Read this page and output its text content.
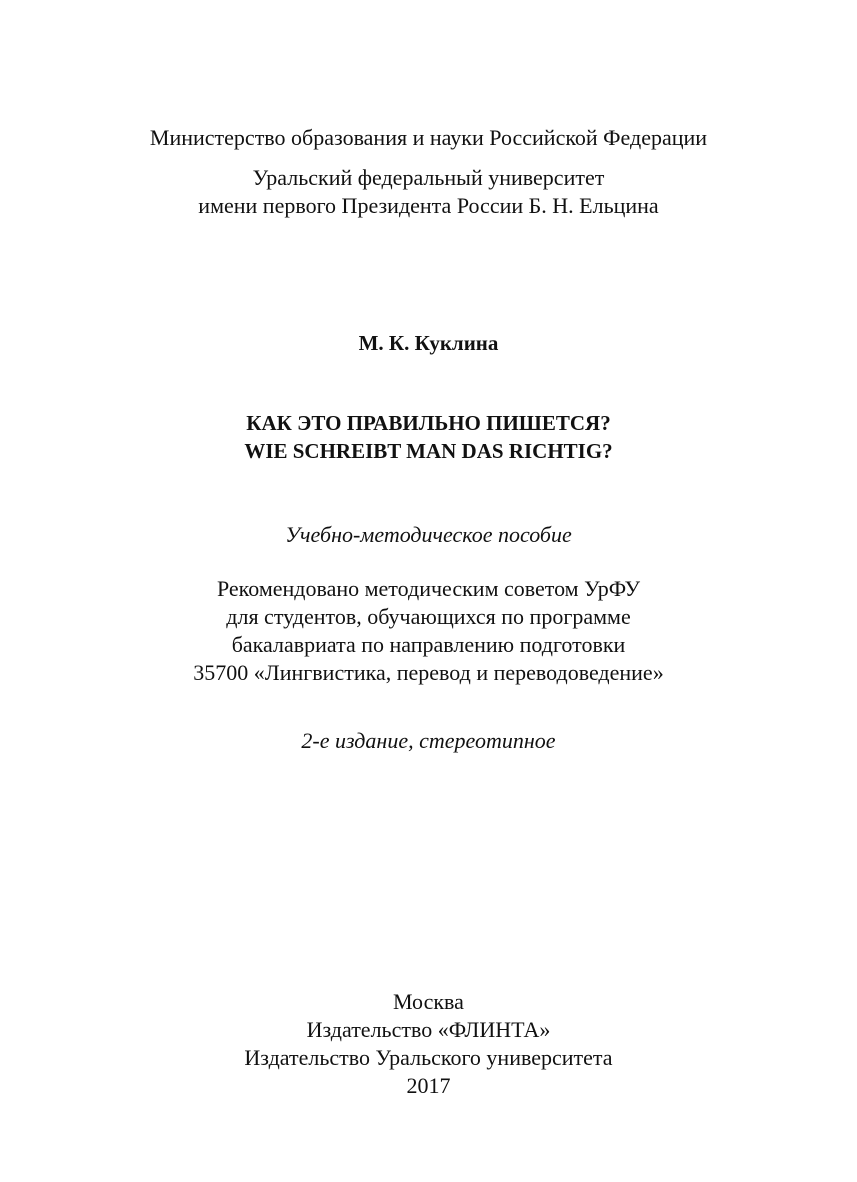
Министерство образования и науки Российской Федерации
Уральский федеральный университет
имени первого Президента России Б. Н. Ельцина
М. К. Куклина
КАК ЭТО ПРАВИЛЬНО ПИШЕТСЯ?
WIE SCHREIBT MAN DAS RICHTIG?
Учебно-методическое пособие
Рекомендовано методическим советом УрФУ
для студентов, обучающихся по программе
бакалавриата по направлению подготовки
35700 «Лингвистика, перевод и переводоведение»
2-е издание, стереотипное
Москва
Издательство «ФЛИНТА»
Издательство Уральского университета
2017
